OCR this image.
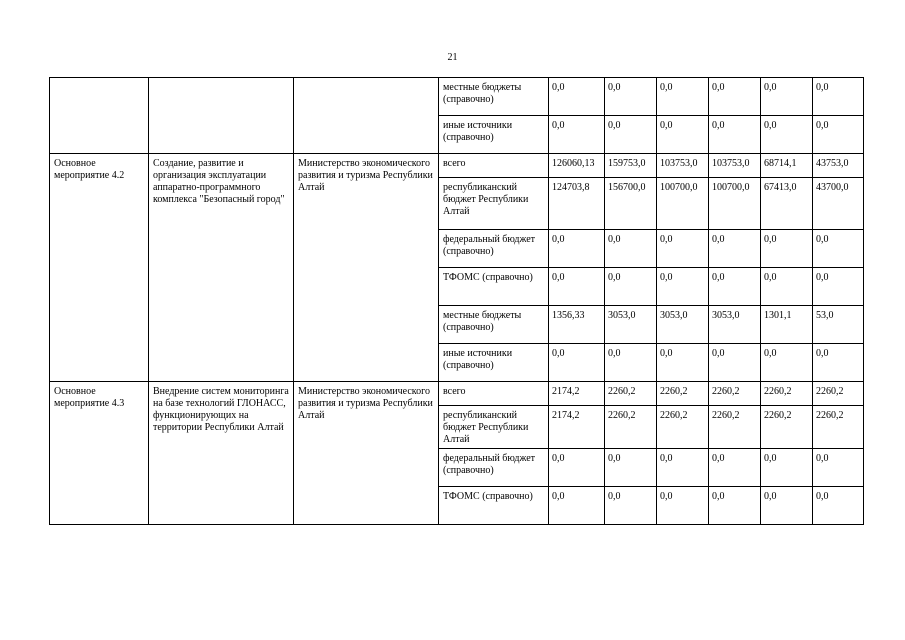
21
			местные бюджеты (справочно)	0,0	0,0	0,0	0,0	0,0	0,0
			иные источники (справочно)	0,0	0,0	0,0	0,0	0,0	0,0
Основное мероприятие 4.2	Создание, развитие и организация эксплуатации аппаратно-программного комплекса "Безопасный город"	Министерство экономического развития и туризма Республики Алтай	всего	126060,13	159753,0	103753,0	103753,0	68714,1	43753,0
			республиканский бюджет Республики Алтай	124703,8	156700,0	100700,0	100700,0	67413,0	43700,0
			федеральный бюджет (справочно)	0,0	0,0	0,0	0,0	0,0	0,0
			ТФОМС (справочно)	0,0	0,0	0,0	0,0	0,0	0,0
			местные бюджеты (справочно)	1356,33	3053,0	3053,0	3053,0	1301,1	53,0
			иные источники (справочно)	0,0	0,0	0,0	0,0	0,0	0,0
Основное мероприятие 4.3	Внедрение систем мониторинга на базе технологий ГЛОНАСС, функционирующих на территории Республики Алтай	Министерство экономического развития и туризма Республики Алтай	всего	2174,2	2260,2	2260,2	2260,2	2260,2	2260,2
			республиканский бюджет Республики Алтай	2174,2	2260,2	2260,2	2260,2	2260,2	2260,2
			федеральный бюджет (справочно)	0,0	0,0	0,0	0,0	0,0	0,0
			ТФОМС (справочно)	0,0	0,0	0,0	0,0	0,0	0,0
